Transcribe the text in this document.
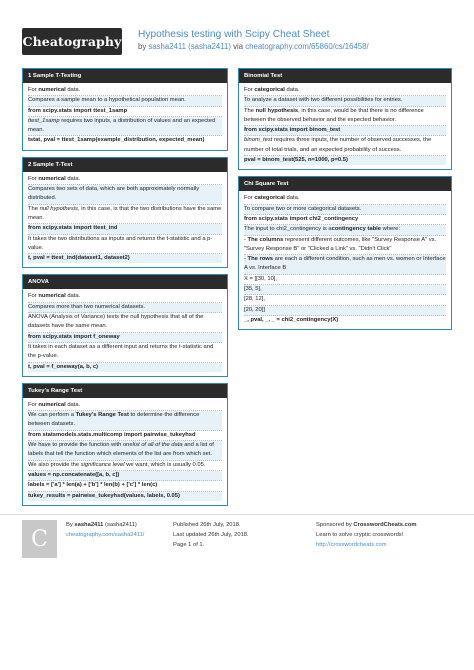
Cheatography Hypothesis testing with Scipy Cheat Sheet
by sasha2411 (sasha2411) via cheatography.com/65860/cs/16458/
1 Sample T-Testing
For numerical data.
Compares a sample mean to a hypothetical population mean.
from scipy.stats import ttest_1samp
ttest_1samp requires two inputs, a distribution of values and an expected mean.
tstat, pval = ttest_1samp(example_distribution, expected_mean)
2 Sample T-Test
For numerical data.
Compares two sets of data, which are both approximately normally distributed.
The null hypothesis, in this case, is that the two distributions have the same mean.
from scipy.stats import ttest_ind
It takes the two distributions as inputs and returns the t-statistic and a p-value.
t, pval = ttest_ind(dataset1, dataset2)
ANOVA
For numerical data.
Compares more than two numerical datasets.
ANOVA (Analysis of Variance) tests the null hypothesis that all of the datasets have the same mean.
from scipy.stats import f_oneway
It takes in each dataset as a different input and returns the t-statistic and the p-value.
t, pval = f_oneway(a, b, c)
Tukey's Range Test
For numerical data.
We can perform a Tukey's Range Test to determine the difference between datasets.
from statsmodels.stats.multicomp import pairwise_tukeyhsd
We have to provide the function with onelist of all of the data and a list of labels that tell the function which elements of the list are from which set.
We also provide the significance level we want, which is usually 0.05.
values = np.concatenate([a, b, c])
labels = ['a'] * len(a) + ['b'] * len(b) + ['c'] * len(c)
tukey_results = pairwise_tukeyhsd(values, labels, 0.05)
Binomial Test
For categorical data.
To analyze a dataset with two different possibilities for entries.
The null hypothesis, in this case, would be that there is no difference between the observed behavior and the expected behavior.
from scipy.stats import binom_test
binom_test requires three inputs, the number of observed successes, the number of total trials, and an expected probability of success.
pval = binom_test(525, n=1000, p=0.5)
Chi Square Test
For categorical data.
To compare two or more categorical datasets.
from scipy.stats import chi2_contingency
The input to chi2_contingency is acontingency table where:
- The columns represent different outcomes, like "Survey Response A" vs. "Survey Response B" or "Clicked a Link" vs. "Didn't Click"
- The rows are each a different condition, such as men vs. women or Interface A vs. Interface B
X = [[30, 10],
[35, 5],
[28, 12],
[20, 20]]
_, pval, _, _ = chi2_contingency(X)
C
By sasha2411 (sasha2411)
cheatography.com/sasha2411/
Published 26th July, 2018.
Last updated 26th July, 2018.
Page 1 of 1.
Sponsored by CrosswordCheats.com
Learn to solve cryptic crosswords!
http://crosswordcheats.com
